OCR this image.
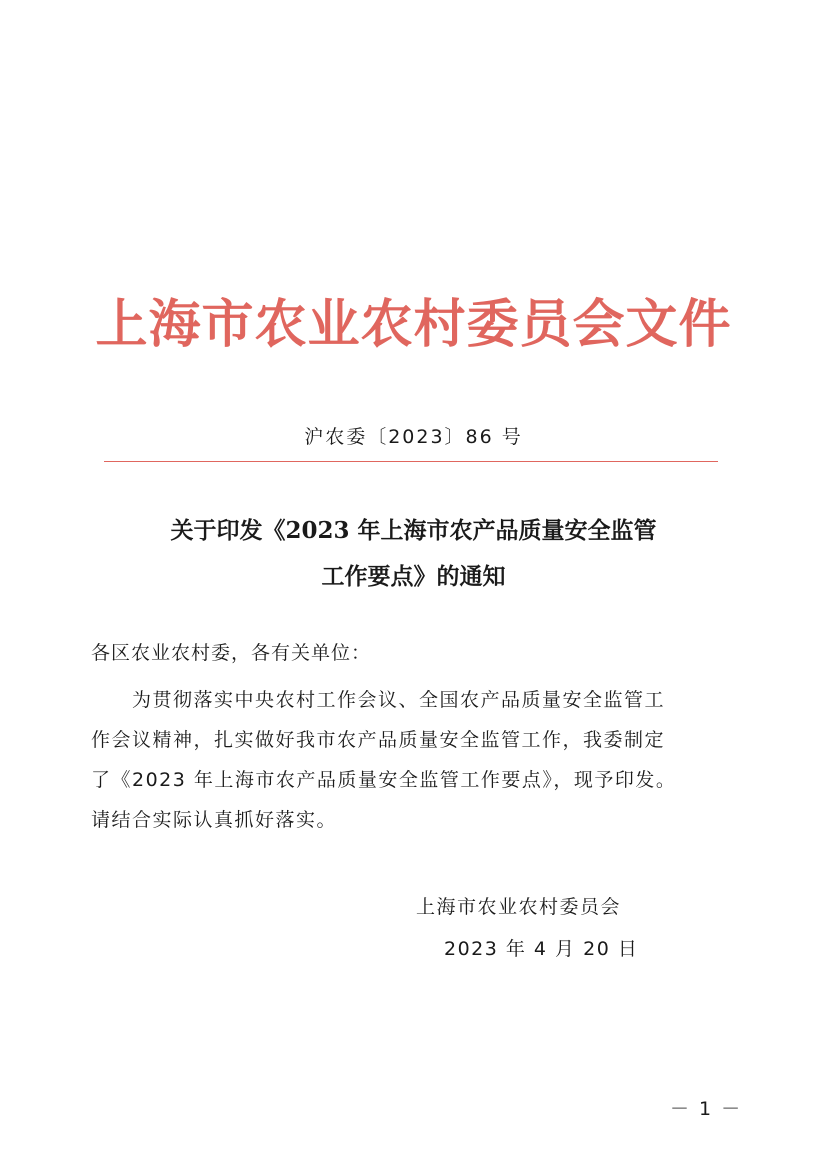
上海市农业农村委员会文件
沪农委〔2023〕86 号
关于印发《2023 年上海市农产品质量安全监管
工作要点》的通知
各区农业农村委，各有关单位：
　　为贯彻落实中央农村工作会议、全国农产品质量安全监管工
作会议精神，扎实做好我市农产品质量安全监管工作，我委制定
了《2023 年上海市农产品质量安全监管工作要点》，现予印发。
请结合实际认真抓好落实。
上海市农业农村委员会
2023 年 4 月 20 日
－ 1 －
